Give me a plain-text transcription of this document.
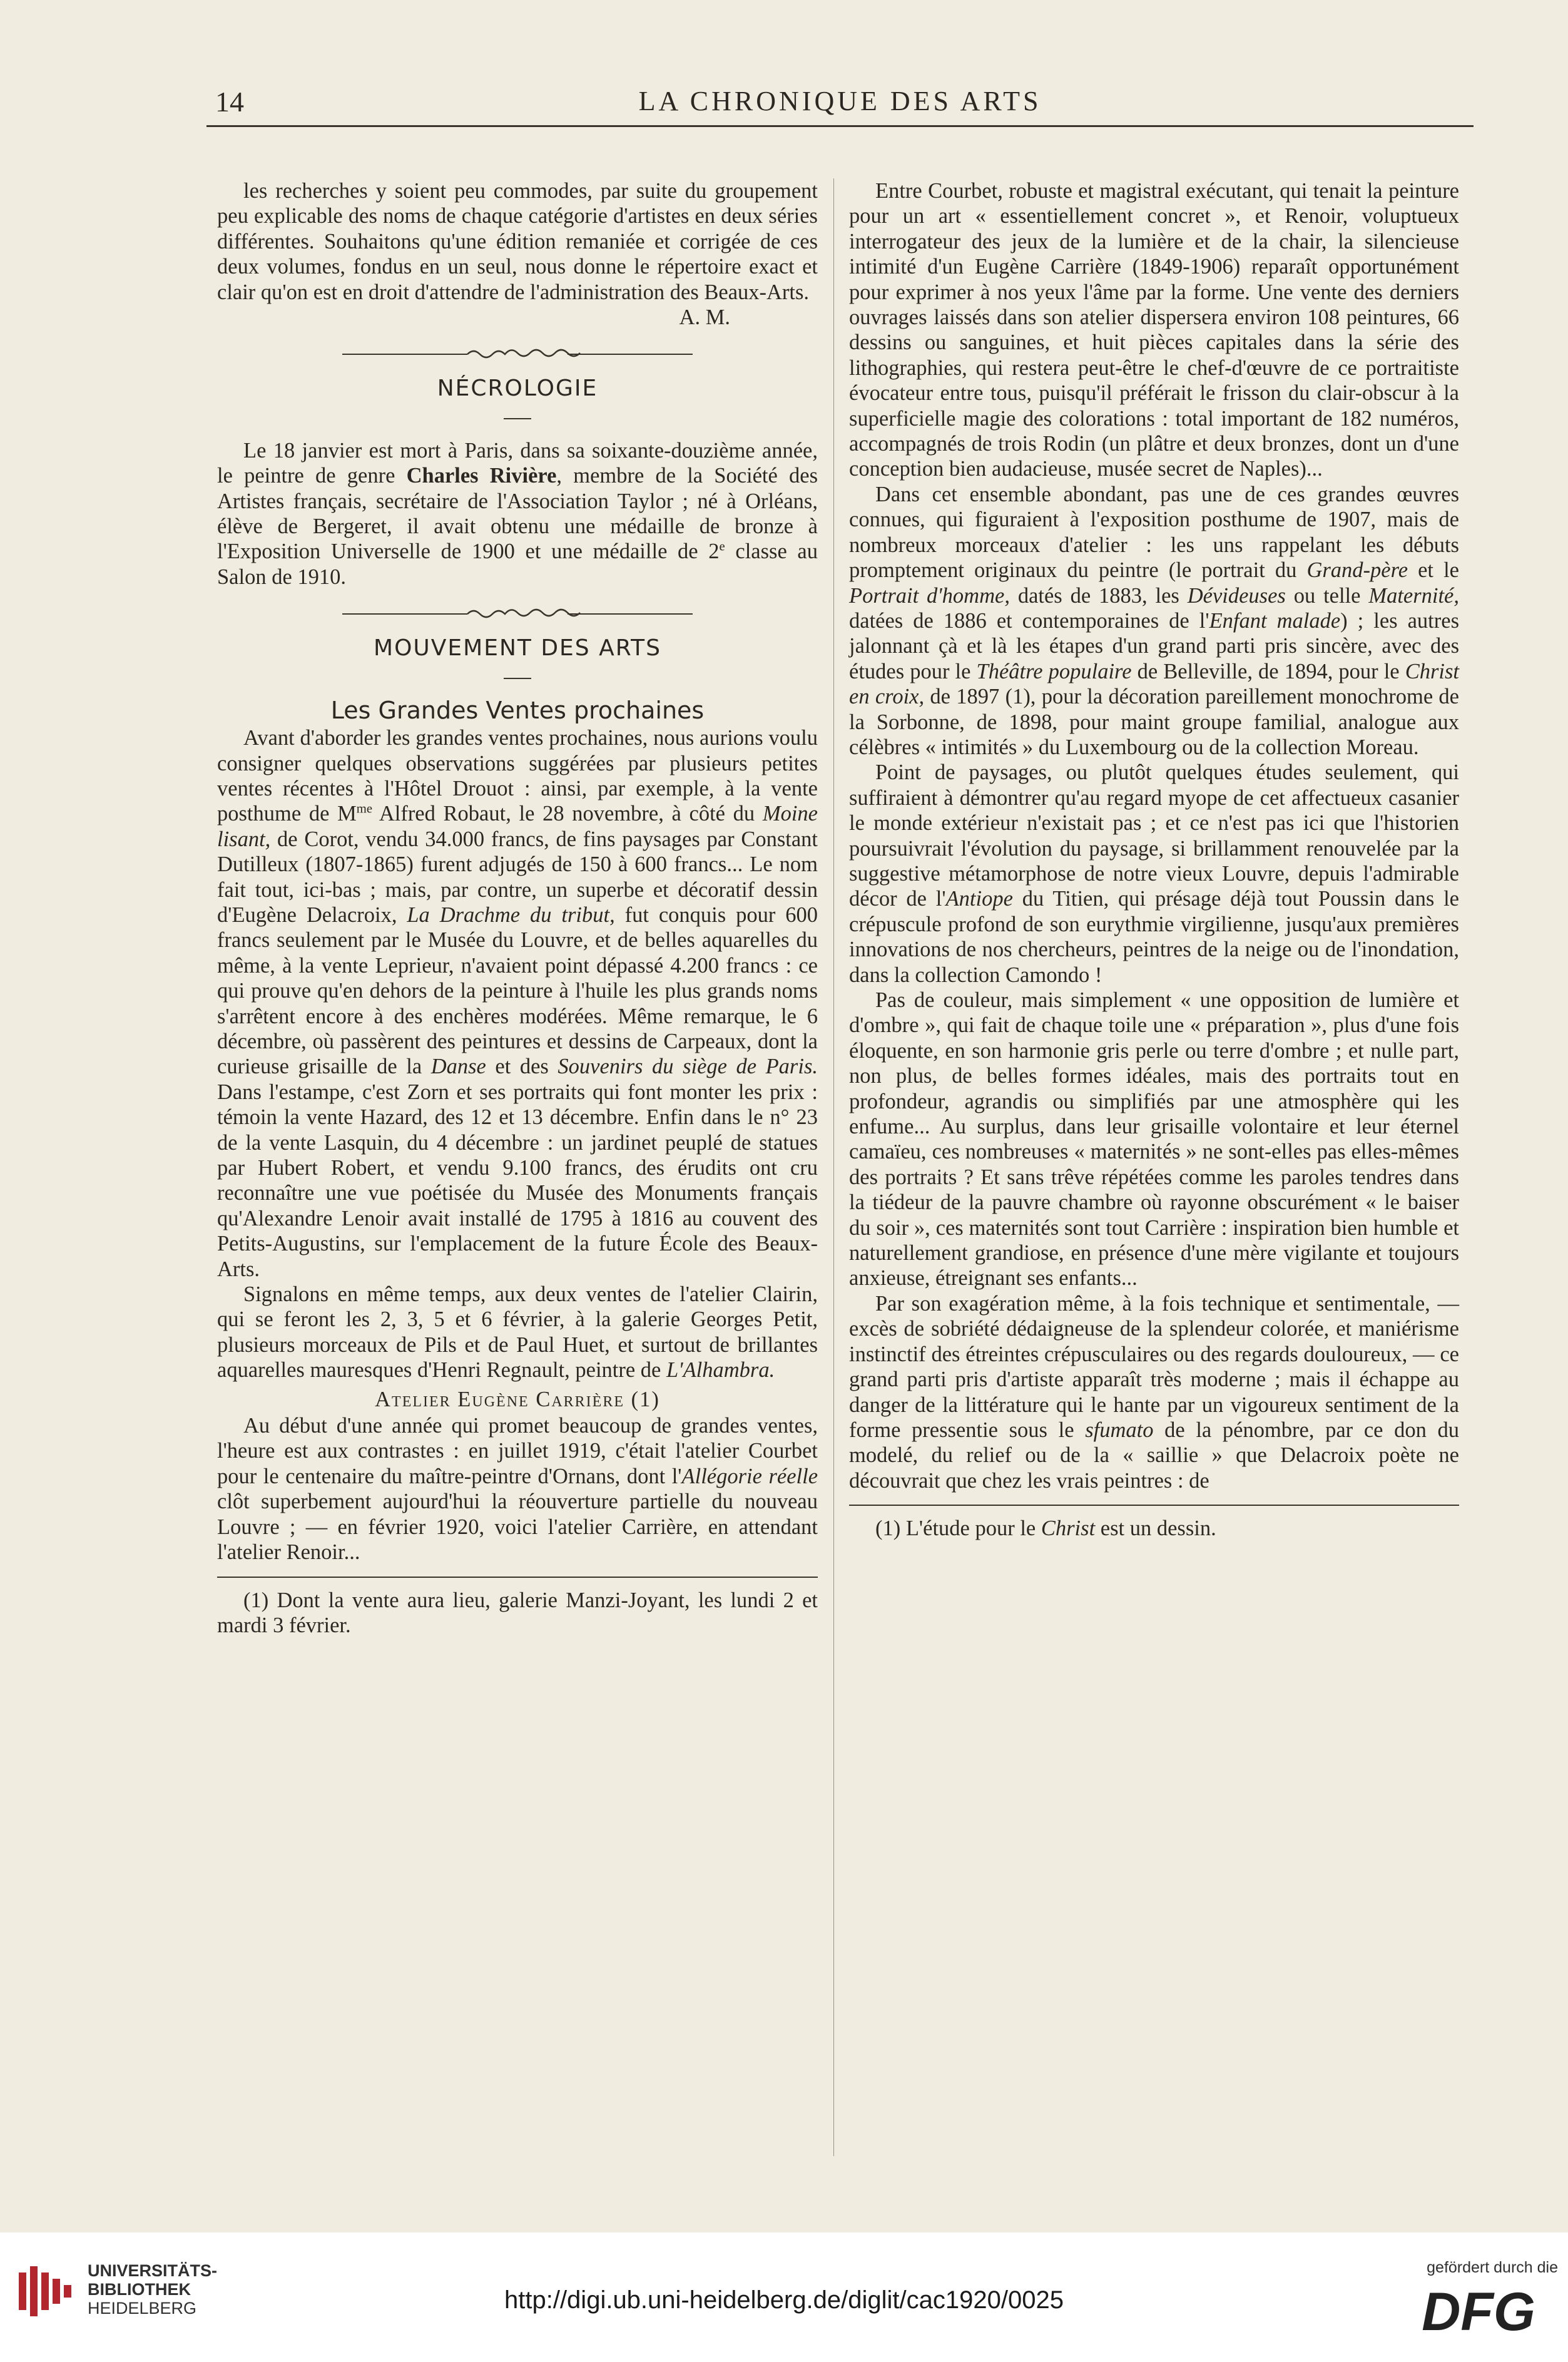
14	LA CHRONIQUE DES ARTS

les recherches y soient peu commodes, par suite du groupement peu explicable des noms de chaque catégorie d'artistes en deux séries différentes. Souhaitons qu'une édition remaniée et corrigée de ces deux volumes, fondus en un seul, nous donne le répertoire exact et clair qu'on est en droit d'attendre de l'administration des Beaux-Arts.

A. M.

NÉCROLOGIE

Le 18 janvier est mort à Paris, dans sa soixante-douzième année, le peintre de genre Charles Rivière, membre de la Société des Artistes français, secrétaire de l'Association Taylor ; né à Orléans, élève de Bergeret, il avait obtenu une médaille de bronze à l'Exposition Universelle de 1900 et une médaille de 2e classe au Salon de 1910.

MOUVEMENT DES ARTS
Les Grandes Ventes prochaines

Avant d'aborder les grandes ventes prochaines, nous aurions voulu consigner quelques observations suggérées par plusieurs petites ventes récentes à l'Hôtel Drouot : ainsi, par exemple, à la vente posthume de $M^{me}$ Alfred Robaut, le 28 novembre, à côté du Moine lisant, de Corot, vendu 34.000 francs, de fins paysages par Constant Dutilleux (1807-1865) furent adjugés de 150 à 600 francs... Le nom fait tout, ici-bas ; mais, par contre, un superbe et décoratif dessin d'Eugène Delacroix, La Drachme du tribut, fut conquis pour 600 francs seulement par le Musée du Louvre, et de belles aquarelles du même, à la vente Leprieur, n'avaient point dépassé 4.200 francs : ce qui prouve qu'en dehors de la peinture à l'huile les plus grands noms s'arrêtent encore à des enchères modérées. Même remarque, le 6 décembre, où passèrent des peintures et dessins de Carpeaux, dont la curieuse grisaille de la Danse et des Souvenirs du siège de Paris. Dans l'estampe, c'est Zorn et ses portraits qui font monter les prix : témoin la vente Hazard, des 12 et 13 décembre. Enfin dans le n° 23 de la vente Lasquin, du 4 décembre : un jardinet peuplé de statues par Hubert Robert, et vendu 9.100 francs, des érudits ont cru reconnaître une vue poétisée du Musée des Monuments français qu'Alexandre Lenoir avait installé de 1795 à 1816 au couvent des Petits-Augustins, sur l'emplacement de la future École des Beaux-Arts.

Signalons en même temps, aux deux ventes de l'atelier Clairin, qui se feront les 2, 3, 5 et 6 février, à la galerie Georges Petit, plusieurs morceaux de Pils et de Paul Huet, et surtout de brillantes aquarelles mauresques d'Henri Regnault, peintre de L'Alhambra.

Atelier Eugène Carrière (1)

Au début d'une année qui promet beaucoup de grandes ventes, l'heure est aux contrastes : en juillet 1919, c'était l'atelier Courbet pour le centenaire du maître-peintre d'Ornans, dont l'Allégorie réelle clôt superbement aujourd'hui la réouverture partielle du nouveau Louvre ; — en février 1920, voici l'atelier Carrière, en attendant l'atelier Renoir...

(1) Dont la vente aura lieu, galerie Manzi-Joyant, les lundi 2 et mardi 3 février.

Entre Courbet, robuste et magistral exécutant, qui tenait la peinture pour un art « essentiellement concret », et Renoir, voluptueux interrogateur des jeux de la lumière et de la chair, la silencieuse intimité d'un Eugène Carrière (1849-1906) reparaît opportunément pour exprimer à nos yeux l'âme par la forme. Une vente des derniers ouvrages laissés dans son atelier dispersera environ 108 peintures, 66 dessins ou sanguines, et huit pièces capitales dans la série des lithographies, qui restera peut-être le chef-d'œuvre de ce portraitiste évocateur entre tous, puisqu'il préférait le frisson du clair-obscur à la superficielle magie des colorations : total important de 182 numéros, accompagnés de trois Rodin (un plâtre et deux bronzes, dont un d'une conception bien audacieuse, musée secret de Naples)...

Dans cet ensemble abondant, pas une de ces grandes œuvres connues, qui figuraient à l'exposition posthume de 1907, mais de nombreux morceaux d'atelier : les uns rappelant les débuts promptement originaux du peintre (le portrait du Grand-père et le Portrait d'homme, datés de 1883, les Dévideuses ou telle Maternité, datées de 1886 et contemporaines de l'Enfant malade) ; les autres jalonnant çà et là les étapes d'un grand parti pris sincère, avec des études pour le Théâtre populaire de Belleville, de 1894, pour le Christ en croix, de 1897 (1), pour la décoration pareillement monochrome de la Sorbonne, de 1898, pour maint groupe familial, analogue aux célèbres « intimités » du Luxembourg ou de la collection Moreau.

Point de paysages, ou plutôt quelques études seulement, qui suffiraient à démontrer qu'au regard myope de cet affectueux casanier le monde extérieur n'existait pas ; et ce n'est pas ici que l'historien poursuivrait l'évolution du paysage, si brillamment renouvelée par la suggestive métamorphose de notre vieux Louvre, depuis l'admirable décor de l'Antiope du Titien, qui présage déjà tout Poussin dans le crépuscule profond de son eurythmie virgilienne, jusqu'aux premières innovations de nos chercheurs, peintres de la neige ou de l'inondation, dans la collection Camondo !

Pas de couleur, mais simplement « une opposition de lumière et d'ombre », qui fait de chaque toile une « préparation », plus d'une fois éloquente, en son harmonie gris perle ou terre d'ombre ; et nulle part, non plus, de belles formes idéales, mais des portraits tout en profondeur, agrandis ou simplifiés par une atmosphère qui les enfume... Au surplus, dans leur grisaille volontaire et leur éternel camaïeu, ces nombreuses « maternités » ne sont-elles pas elles-mêmes des portraits ? Et sans trêve répétées comme les paroles tendres dans la tiédeur de la pauvre chambre où rayonne obscurément « le baiser du soir », ces maternités sont tout Carrière : inspiration bien humble et naturellement grandiose, en présence d'une mère vigilante et toujours anxieuse, étreignant ses enfants...

Par son exagération même, à la fois technique et sentimentale, — excès de sobriété dédaigneuse de la splendeur colorée, et maniérisme instinctif des étreintes crépusculaires ou des regards douloureux, — ce grand parti pris d'artiste apparaît très moderne ; mais il échappe au danger de la littérature qui le hante par un vigoureux sentiment de la forme pressentie sous le sfumato de la pénombre, par ce don du modelé, du relief ou de la « saillie » que Delacroix poète ne découvrait que chez les vrais peintres : de

(1) L'étude pour le Christ est un dessin.

UNIVERSITÄTS-
BIBLIOTHEK
HEIDELBERG	http://digi.ub.uni-heidelberg.de/diglit/cac1920/0025
gefördert durch die
DFG
